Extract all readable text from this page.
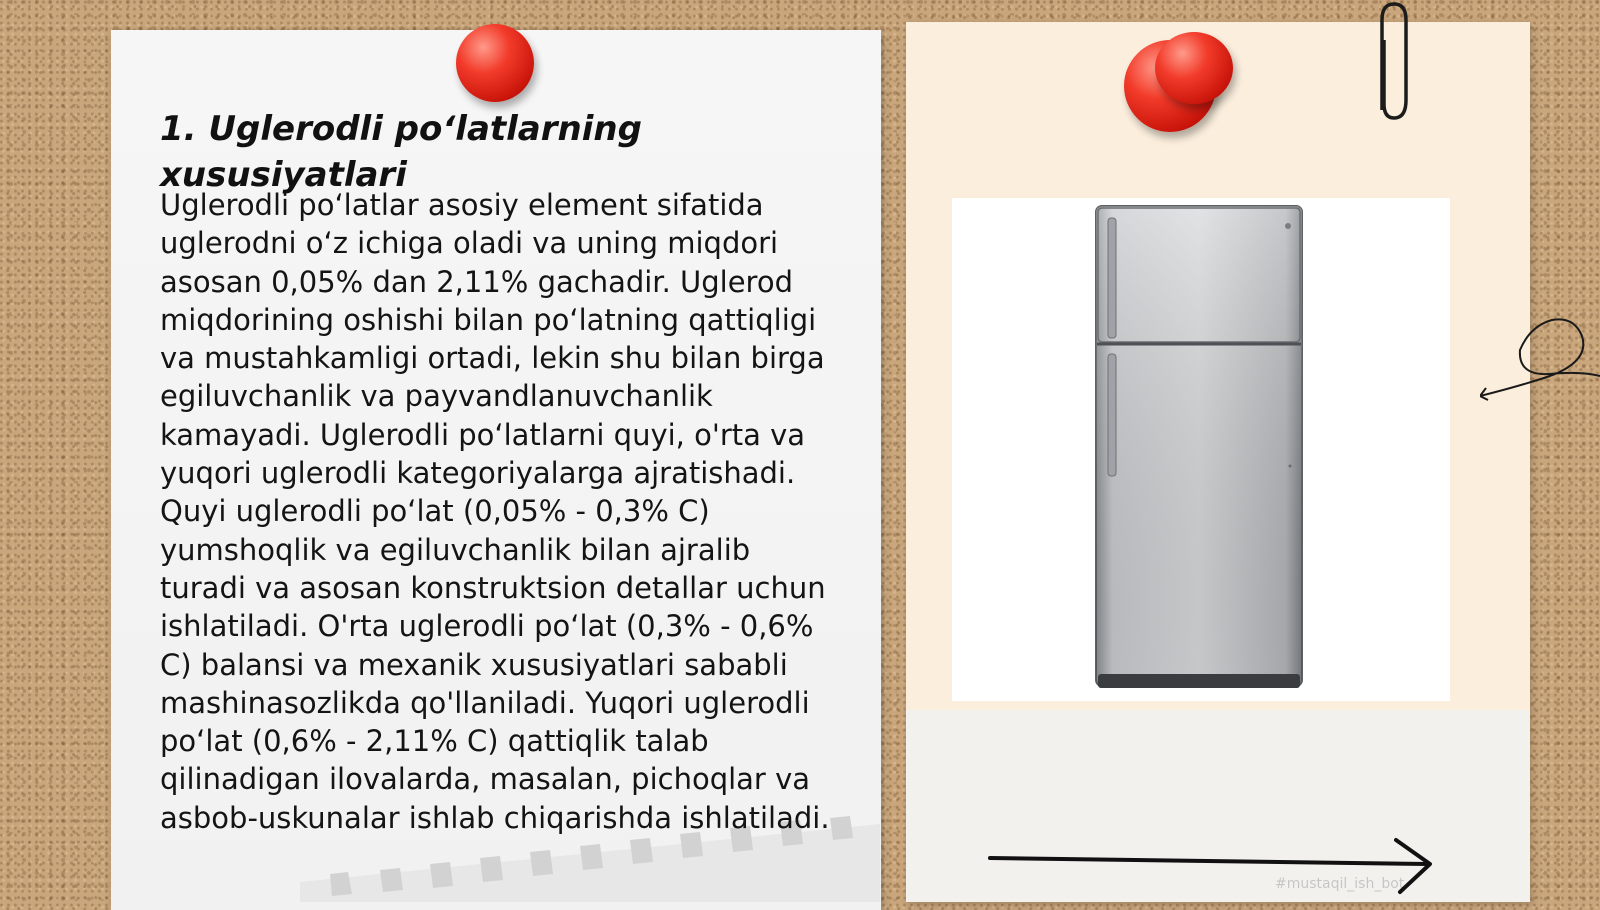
1. Uglerodli po‘latlarning xususiyatlari

Uglerodli po‘latlar asosiy element sifatida uglerodni o‘z ichiga oladi va uning miqdori asosan 0,05% dan 2,11% gachadir. Uglerod miqdorining oshishi bilan po‘latning qattiqligi va mustahkamligi ortadi, lekin shu bilan birga egiluvchanlik va payvandlanuvchanlik kamayadi. Uglerodli po‘latlarni quyi, o'rta va yuqori uglerodli kategoriyalarga ajratishadi. Quyi uglerodli po‘lat (0,05% - 0,3% C) yumshoqlik va egiluvchanlik bilan ajralib turadi va asosan konstruktsion detallar uchun ishlatiladi. O'rta uglerodli po‘lat (0,3% - 0,6% C) balansi va mexanik xususiyatlari sababli mashinasozlikda qo'llaniladi. Yuqori uglerodli po‘lat (0,6% - 2,11% C) qattiqlik talab qilinadigan ilovalarda, masalan, pichoqlar va asbob-uskunalar ishlab chiqarishda ishlatiladi.

#mustaqil_ish_bot
